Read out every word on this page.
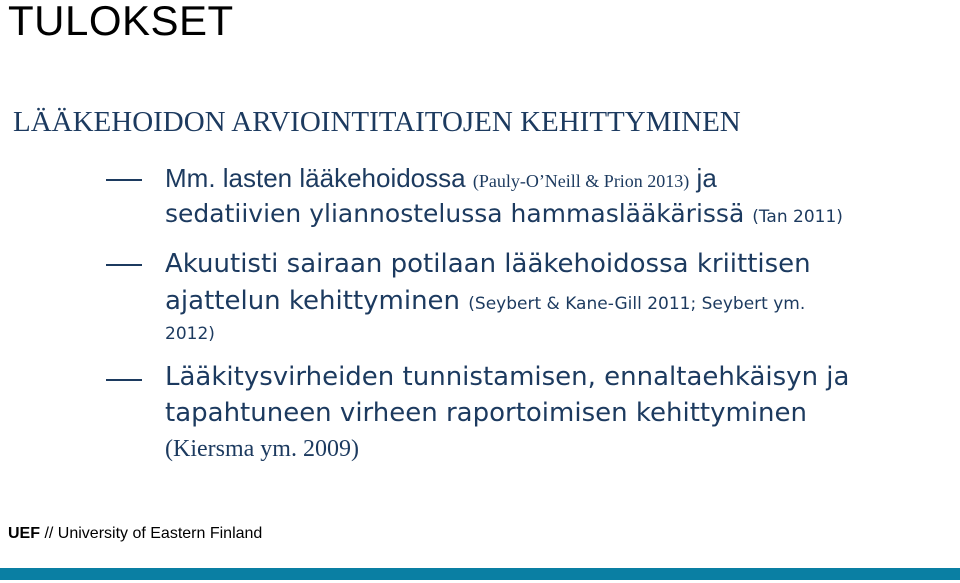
TULOKSET
LÄÄKEHOIDON ARVIOINTITAITOJEN KEHITTYMINEN
Mm. lasten lääkehoidossa (Pauly-O’Neill & Prion 2013) ja
sedatiivien yliannostelussa hammaslääkärissä (Tan 2011)
Akuutisti sairaan potilaan lääkehoidossa kriittisen
ajattelun kehittyminen (Seybert & Kane-Gill 2011; Seybert ym.
2012)
Lääkitysvirheiden tunnistamisen, ennaltaehkäisyn ja
tapahtuneen virheen raportoimisen kehittyminen
(Kiersma ym. 2009)
UEF // University of Eastern Finland
